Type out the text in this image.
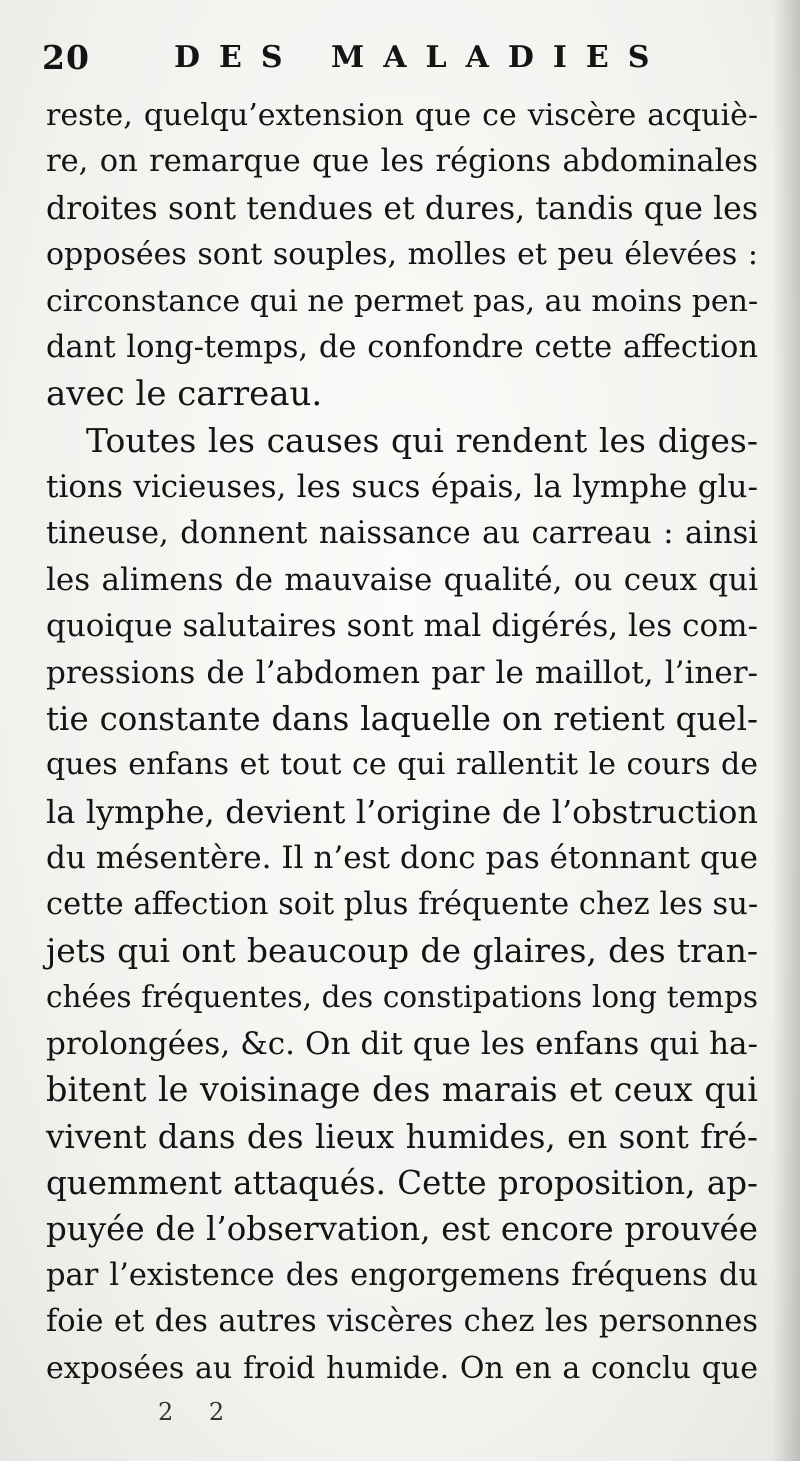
20	DES MALADIES
reste, quelqu’extension que ce viscère acquiè-
re, on remarque que les régions abdominales
droites sont tendues et dures, tandis que les
opposées sont souples, molles et peu élevées :
circonstance qui ne permet pas, au moins pen-
dant long-temps, de confondre cette affection
avec le carreau.
Toutes les causes qui rendent les diges-
tions vicieuses, les sucs épais, la lymphe glu-
tineuse, donnent naissance au carreau : ainsi
les alimens de mauvaise qualité, ou ceux qui
quoique salutaires sont mal digérés, les com-
pressions de l’abdomen par le maillot, l’iner-
tie constante dans laquelle on retient quel-
ques enfans et tout ce qui rallentit le cours de
la lymphe, devient l’origine de l’obstruction
du mésentère. Il n’est donc pas étonnant que
cette affection soit plus fréquente chez les su-
jets qui ont beaucoup de glaires, des tran-
chées fréquentes, des constipations long temps
prolongées, &c. On dit que les enfans qui ha-
bitent le voisinage des marais et ceux qui
vivent dans des lieux humides, en sont fré-
quemment attaqués. Cette proposition, ap-
puyée de l’observation, est encore prouvée
par l’existence des engorgemens fréquens du
foie et des autres viscères chez les personnes
exposées au froid humide. On en a conclu que
2 2
